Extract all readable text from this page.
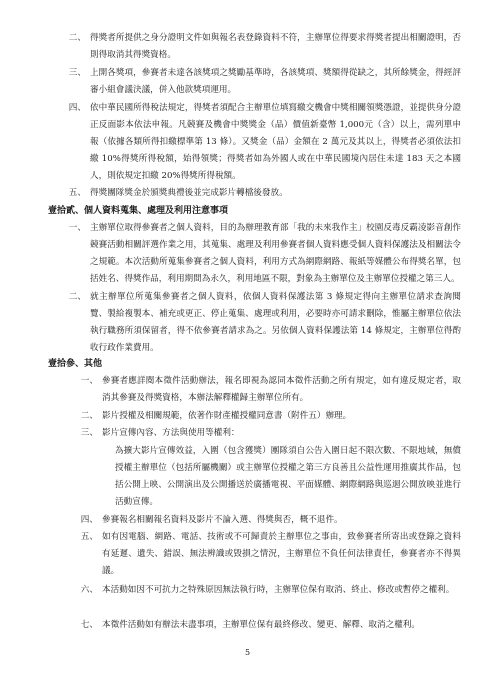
二、 得獎者所提供之身分證明文件如與報名表登錄資料不符，主辦單位得要求得獎者提出相關證明，否則得取消其得獎資格。
三、 上開各獎項，參賽者未達各該獎項之獎勵基準時，各該獎項、獎額得從缺之，其所餘獎金，得經評審小組會議決議，併入他款獎項運用。
四、 依中華民國所得稅法規定，得獎者須配合主辦單位填寫繳交機會中獎相關領獎憑證，並提供身分證正反面影本依法申報。凡競賽及機會中獎獎金（品）價值新臺幣 1,000元（含）以上，需列單申報（依據各類所得扣繳標準第 13 條）。又獎金（品）金額在 2 萬元及其以上，得獎者必須依法扣繳 10%得獎所得稅額，始得領獎；得獎者如為外國人或在中華民國境內居住未達 183 天之本國人，則依規定扣繳 20%得獎所得稅額。
五、 得獎團隊獎金於頒獎典禮後並完成影片轉檔後發放。
壹拾貳、個人資料蒐集、處理及利用注意事項
一、 主辦單位取得參賽者之個人資料，目的為辦理教育部「我的未來我作主」校園反毒反霸凌影音創作競賽活動相關評選作業之用，其蒐集、處理及利用參賽者個人資料應受個人資料保護法及相關法令之規範。本次活動所蒐集參賽者之個人資料，利用方式為網際網路、報紙等媒體公布得獎名單，包括姓名、得獎作品，利用期間為永久，利用地區不限，對象為主辦單位及主辦單位授權之第三人。
二、 就主辦單位所蒐集參賽者之個人資料，依個人資料保護法第 3 條規定得向主辦單位請求查詢閱覽、製給複製本、補充或更正、停止蒐集、處理或利用，必要時亦可請求刪除，惟屬主辦單位依法執行職務所須保留者，得不依參賽者請求為之。另依個人資料保護法第 14 條規定，主辦單位得酌收行政作業費用。
壹拾參、其他
一、 參賽者應詳閱本徵件活動辦法，報名即視為認同本徵件活動之所有規定，如有違反規定者，取消其參賽及得獎資格，本辦法解釋權歸主辦單位所有。
二、 影片授權及相關規範，依著作財產權授權同意書（附件五）辦理。
三、 影片宣傳內容、方法與使用等權利：
為擴大影片宣傳效益，入圍（包含獲獎）團隊須自公告入圍日起不限次數、不限地域，無償授權主辦單位（包括所屬機關）或主辦單位授權之第三方良善且公益性運用推廣其作品，包括公開上映、公開演出及公開播送於廣播電視、平面媒體、網際網路與巡迴公開放映並進行活動宣傳。
四、 參賽報名相關報名資料及影片不論入選、得獎與否，概不退件。
五、 如有因電腦、網路、電話、技術或不可歸責於主辦單位之事由，致參賽者所寄出或登錄之資料有延遲、遺失、錯誤、無法辨識或毀損之情況，主辦單位不負任何法律責任，參賽者亦不得異議。
六、 本活動如因不可抗力之特殊原因無法執行時，主辦單位保有取消、終止、修改或暫停之權利。
七、 本徵件活動如有辦法未盡事項，主辦單位保有最終修改、變更、解釋、取消之權利。
5
